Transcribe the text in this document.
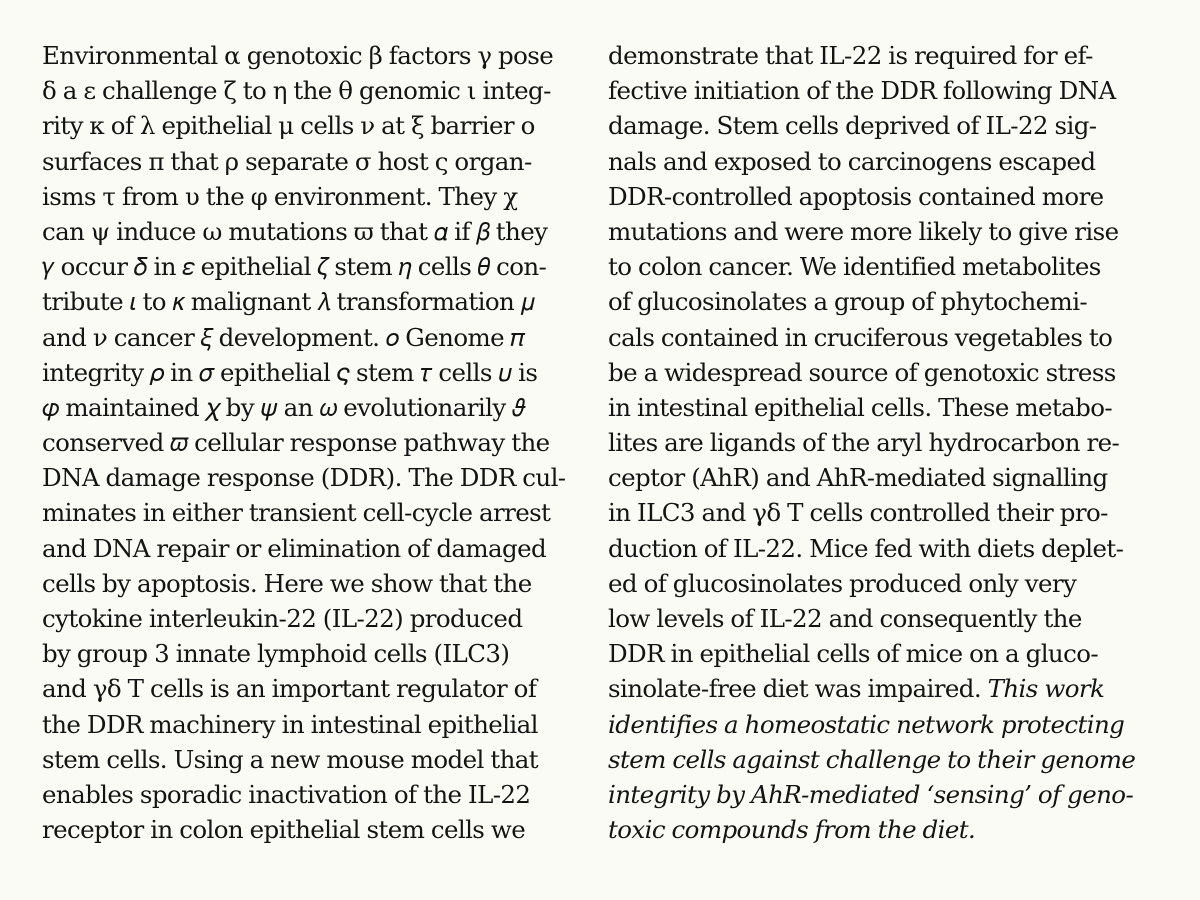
Environmental α genotoxic β factors γ pose
δ a ε challenge ζ to η the θ genomic ι integ-
rity κ of λ epithelial μ cells ν at ξ barrier ο
surfaces π that ρ separate σ host ς organ-
isms τ from υ the φ environment. They χ
can ψ induce ω mutations ϖ that 𝛼 if 𝛽 they
𝛾 occur 𝛿 in 𝜀 epithelial 𝜁 stem 𝜂 cells 𝜃 con-
tribute 𝜄 to 𝜅 malignant 𝜆 transformation 𝜇
and ν cancer 𝜉 development. 𝜊 Genome 𝜋
integrity 𝜌 in 𝜎 epithelial 𝜍 stem 𝜏 cells 𝜐 is
𝜑 maintained 𝜒 by 𝜓 an 𝜔 evolutionarily 𝜗
conserved 𝜛 cellular response pathway the
DNA damage response (DDR). The DDR cul-
minates in either transient cell-cycle arrest
and DNA repair or elimination of damaged
cells by apoptosis. Here we show that the
cytokine interleukin-22 (IL-22) produced
by group 3 innate lymphoid cells (ILC3)
and γδ T cells is an important regulator of
the DDR machinery in intestinal epithelial
stem cells. Using a new mouse model that
enables sporadic inactivation of the IL-22
receptor in colon epithelial stem cells we
demonstrate that IL-22 is required for ef-
fective initiation of the DDR following DNA
damage. Stem cells deprived of IL-22 sig-
nals and exposed to carcinogens escaped
DDR-controlled apoptosis contained more
mutations and were more likely to give rise
to colon cancer. We identified metabolites
of glucosinolates a group of phytochemi-
cals contained in cruciferous vegetables to
be a widespread source of genotoxic stress
in intestinal epithelial cells. These metabo-
lites are ligands of the aryl hydrocarbon re-
ceptor (AhR) and AhR-mediated signalling
in ILC3 and γδ T cells controlled their pro-
duction of IL-22. Mice fed with diets deplet-
ed of glucosinolates produced only very
low levels of IL-22 and consequently the
DDR in epithelial cells of mice on a gluco-
sinolate-free diet was impaired. This work
identifies a homeostatic network protecting
stem cells against challenge to their genome
integrity by AhR-mediated ‘sensing’ of geno-
toxic compounds from the diet.
